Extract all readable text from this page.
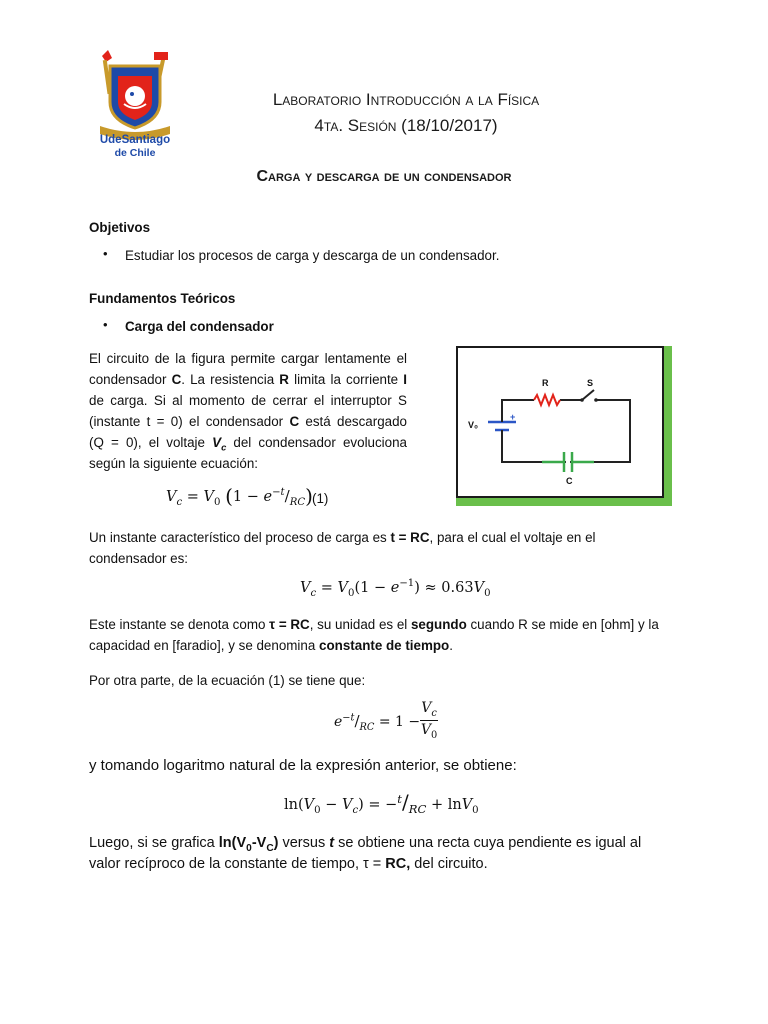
UdeSantiago
de Chile
Laboratorio Introducción a la Física
4ta. Sesión (18/10/2017)
Carga y descarga de un condensador
Objetivos
• Estudiar los procesos de carga y descarga de un condensador.
Fundamentos Teóricos
• Carga del condensador
El circuito de la figura permite cargar lentamente el
condensador C. La resistencia R limita la corriente I
de carga. Si al momento de cerrar el interruptor S
(instante t = 0) el condensador C está descargado
(Q = 0), el voltaje $V_c$ del condensador evoluciona
según la siguiente ecuación:
$V_c = V_0$ $(1 - e^{-t}/_{RC})$ (1)
R	S
V₀
+
C
Un instante característico del proceso de carga es t = RC, para el cual el voltaje en el
condensador es:
$V_c = V_0(1 - e^{-1}) \approx 0.63V_0$
Este instante se denota como τ = RC, su unidad es el segundo cuando R se mide en [ohm] y la
capacidad en [faradio], y se denomina constante de tiempo.
Por otra parte, de la ecuación (1) se tiene que:
$e^{-t}/_{RC} = 1$ −
$V_c$
$V_0$
y tomando logaritmo natural de la expresión anterior, se obtiene:
$\ln(V_0 - V_c) = -^t/_{RC} + \ln V_0$
Luego, si se grafica $\ln(V_0-V_C)$ versus t se obtiene una recta cuya pendiente es igual al
valor recíproco de la constante de tiempo, τ = RC, del circuito.
